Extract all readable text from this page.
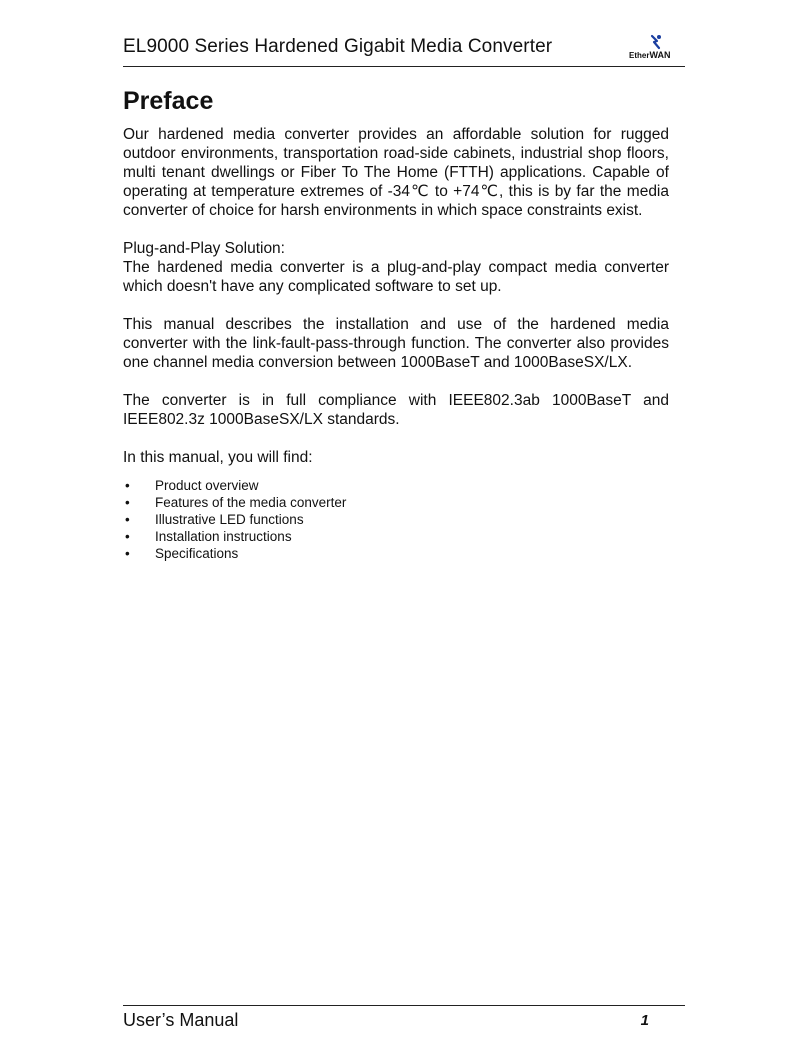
EL9000 Series Hardened Gigabit Media Converter	EtherWAN
Preface

Our hardened media converter provides an affordable solution for rugged outdoor environments, transportation road-side cabinets, industrial shop floors, multi tenant dwellings or Fiber To The Home (FTTH) applications. Capable of operating at temperature extremes of -34℃ to +74℃, this is by far the media converter of choice for harsh environments in which space constraints exist.

Plug-and-Play Solution:

The hardened media converter is a plug-and-play compact media converter which doesn't have any complicated software to set up.

This manual describes the installation and use of the hardened media converter with the link-fault-pass-through function. The converter also provides one channel media conversion between 1000BaseT and 1000BaseSX/LX.

The converter is in full compliance with IEEE802.3ab 1000BaseT and IEEE802.3z 1000BaseSX/LX standards.

In this manual, you will find:

• Product overview
• Features of the media converter
• Illustrative LED functions
• Installation instructions
• Specifications
User’s Manual	1
